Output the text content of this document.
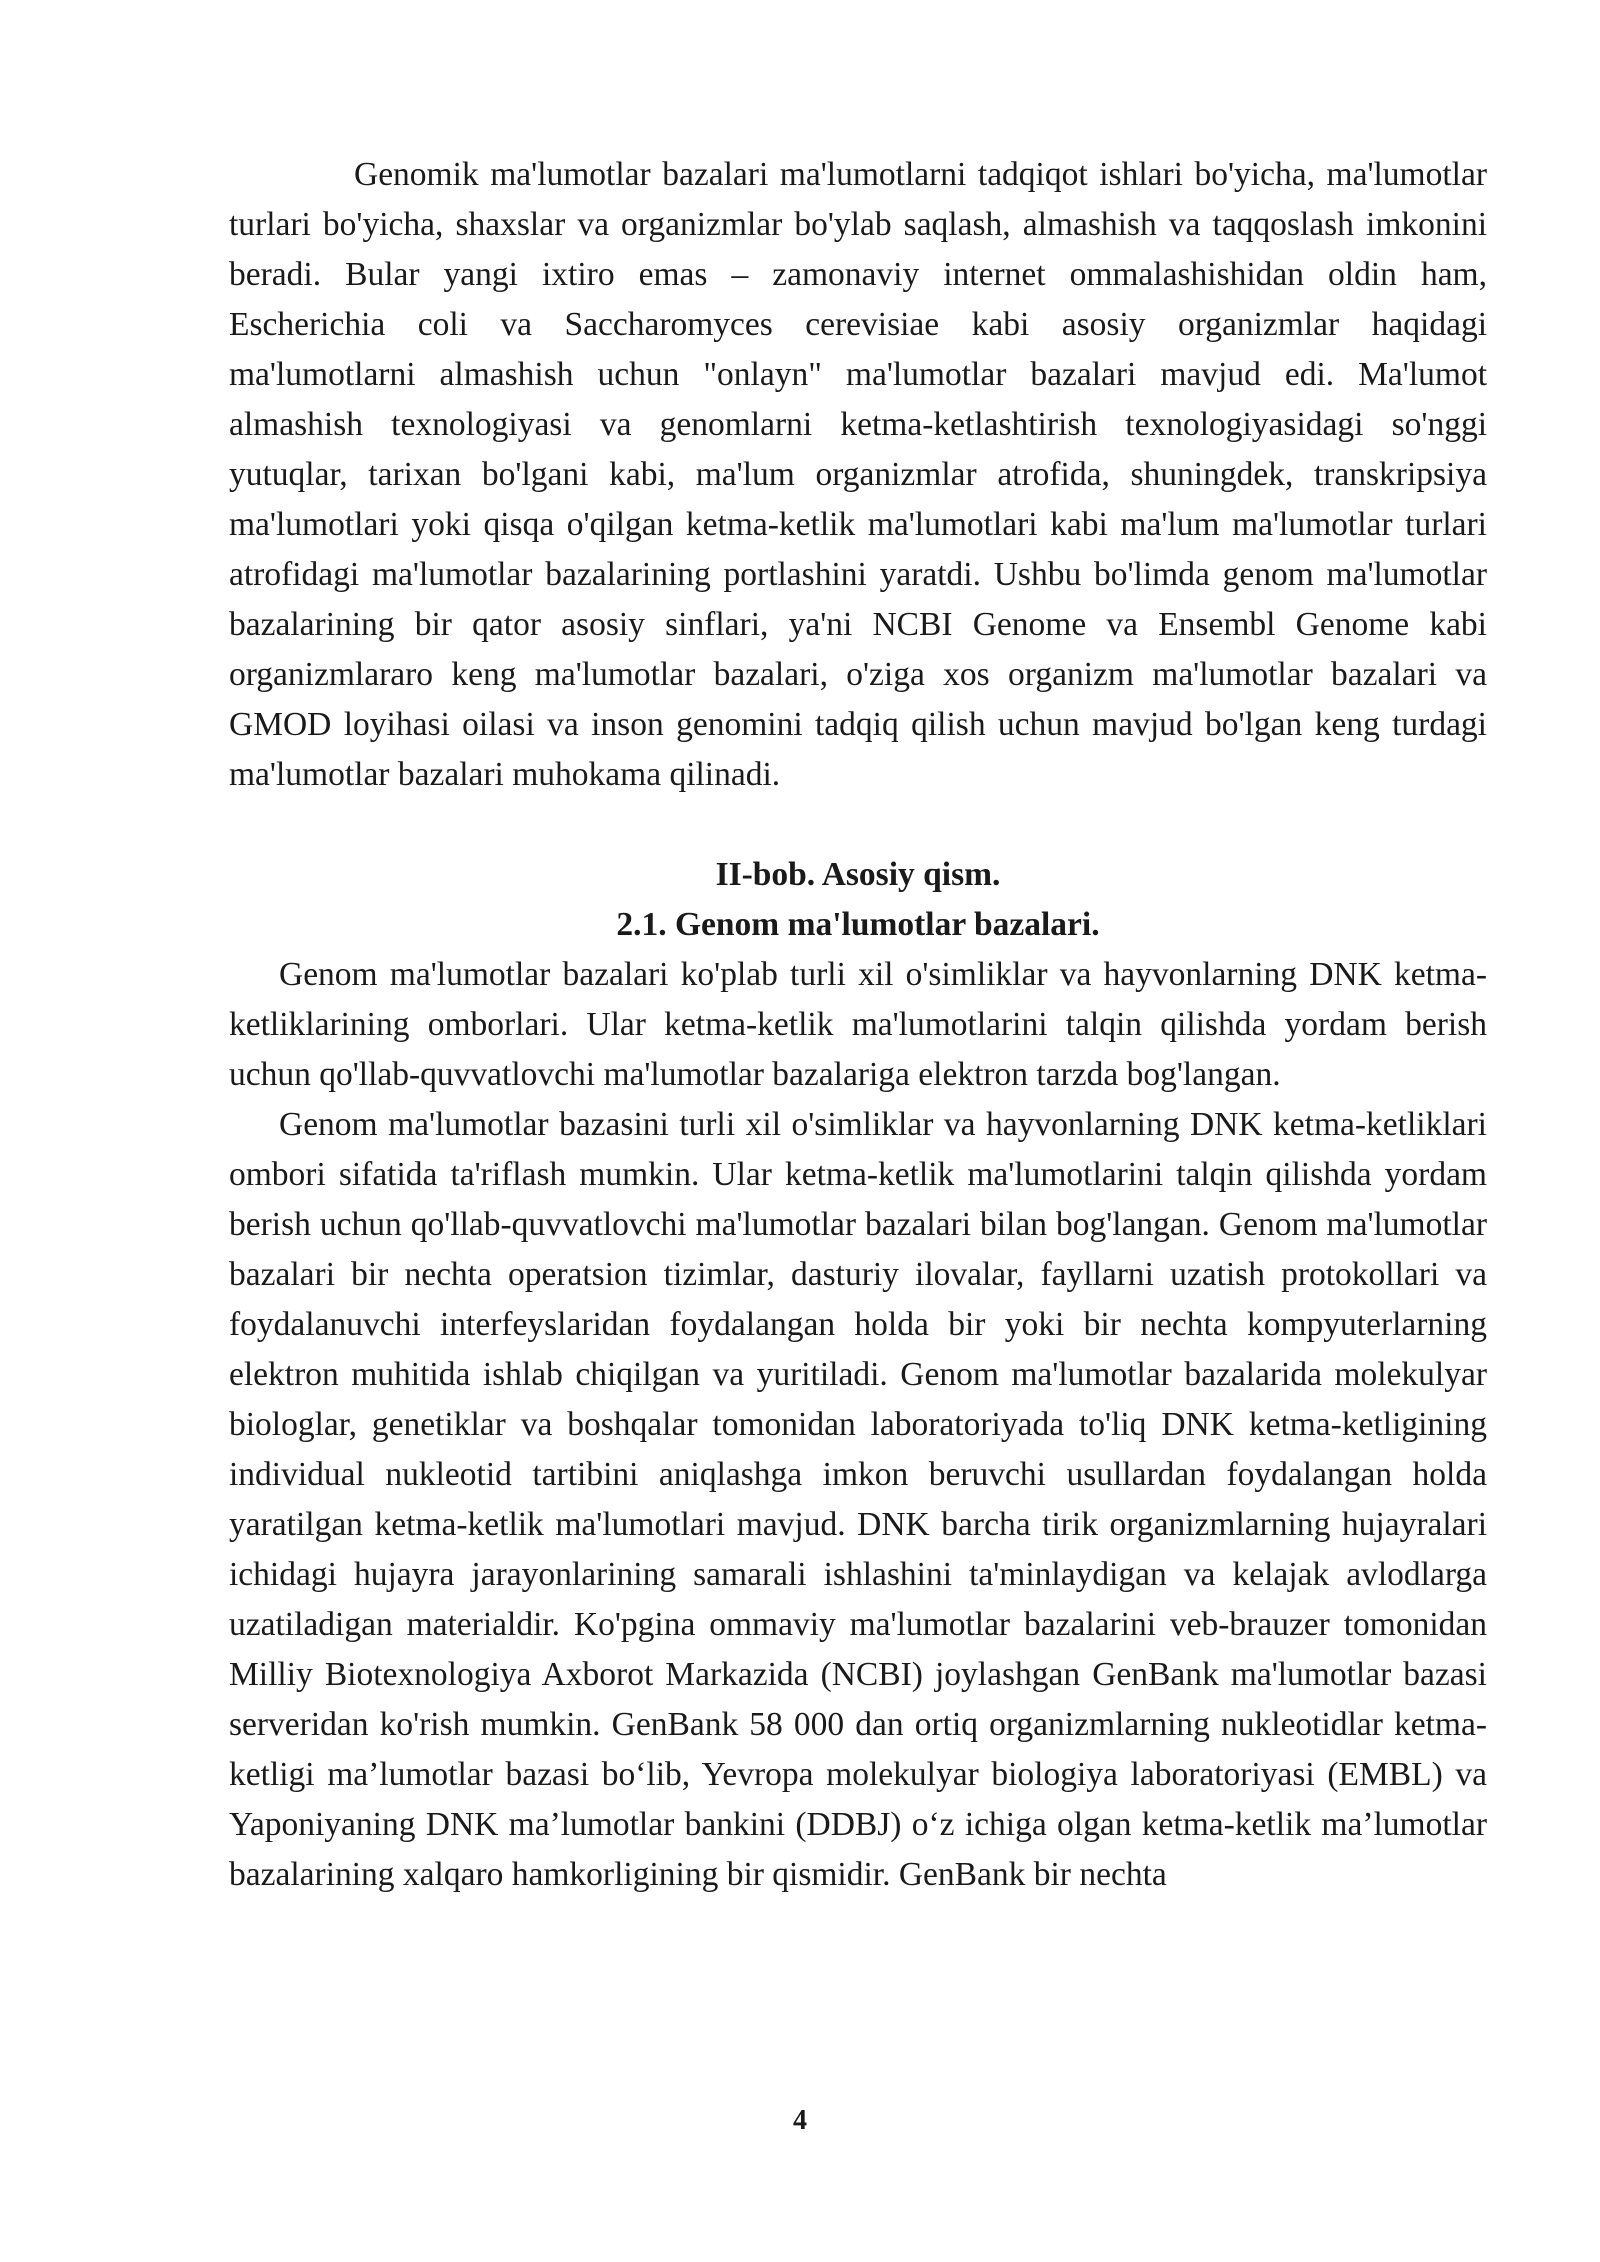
Genomik ma'lumotlar bazalari ma'lumotlarni tadqiqot ishlari bo'yicha, ma'lumotlar turlari bo'yicha, shaxslar va organizmlar bo'ylab saqlash, almashish va taqqoslash imkonini beradi. Bular yangi ixtiro emas – zamonaviy internet ommalashishidan oldin ham, Escherichia coli va Saccharomyces cerevisiae kabi asosiy organizmlar haqidagi ma'lumotlarni almashish uchun "onlayn" ma'lumotlar bazalari mavjud edi. Ma'lumot almashish texnologiyasi va genomlarni ketma-ketlashtirish texnologiyasidagi so'nggi yutuqlar, tarixan bo'lgani kabi, ma'lum organizmlar atrofida, shuningdek, transkripsiya ma'lumotlari yoki qisqa o'qilgan ketma-ketlik ma'lumotlari kabi ma'lum ma'lumotlar turlari atrofidagi ma'lumotlar bazalarining portlashini yaratdi. Ushbu bo'limda genom ma'lumotlar bazalarining bir qator asosiy sinflari, ya'ni NCBI Genome va Ensembl Genome kabi organizmlararo keng ma'lumotlar bazalari, o'ziga xos organizm ma'lumotlar bazalari va GMOD loyihasi oilasi va inson genomini tadqiq qilish uchun mavjud bo'lgan keng turdagi ma'lumotlar bazalari muhokama qilinadi.

II-bob. Asosiy qism.
2.1. Genom ma'lumotlar bazalari.

Genom ma'lumotlar bazalari ko'plab turli xil o'simliklar va hayvonlarning DNK ketma-ketliklarining omborlari. Ular ketma-ketlik ma'lumotlarini talqin qilishda yordam berish uchun qo'llab-quvvatlovchi ma'lumotlar bazalariga elektron tarzda bog'langan.

Genom ma'lumotlar bazasini turli xil o'simliklar va hayvonlarning DNK ketma-ketliklari ombori sifatida ta'riflash mumkin. Ular ketma-ketlik ma'lumotlarini talqin qilishda yordam berish uchun qo'llab-quvvatlovchi ma'lumotlar bazalari bilan bog'langan. Genom ma'lumotlar bazalari bir nechta operatsion tizimlar, dasturiy ilovalar, fayllarni uzatish protokollari va foydalanuvchi interfeyslaridan foydalangan holda bir yoki bir nechta kompyuterlarning elektron muhitida ishlab chiqilgan va yuritiladi. Genom ma'lumotlar bazalarida molekulyar biologlar, genetiklar va boshqalar tomonidan laboratoriyada to'liq DNK ketma-ketligining individual nukleotid tartibini aniqlashga imkon beruvchi usullardan foydalangan holda yaratilgan ketma-ketlik ma'lumotlari mavjud. DNK barcha tirik organizmlarning hujayralari ichidagi hujayra jarayonlarining samarali ishlashini ta'minlaydigan va kelajak avlodlarga uzatiladigan materialdir. Ko'pgina ommaviy ma'lumotlar bazalarini veb-brauzer tomonidan Milliy Biotexnologiya Axborot Markazida (NCBI) joylashgan GenBank ma'lumotlar bazasi serveridan ko'rish mumkin. GenBank 58 000 dan ortiq organizmlarning nukleotidlar ketma-ketligi ma’lumotlar bazasi bo‘lib, Yevropa molekulyar biologiya laboratoriyasi (EMBL) va Yaponiyaning DNK ma’lumotlar bankini (DDBJ) o‘z ichiga olgan ketma-ketlik ma’lumotlar bazalarining xalqaro hamkorligining bir qismidir. GenBank bir nechta

4
